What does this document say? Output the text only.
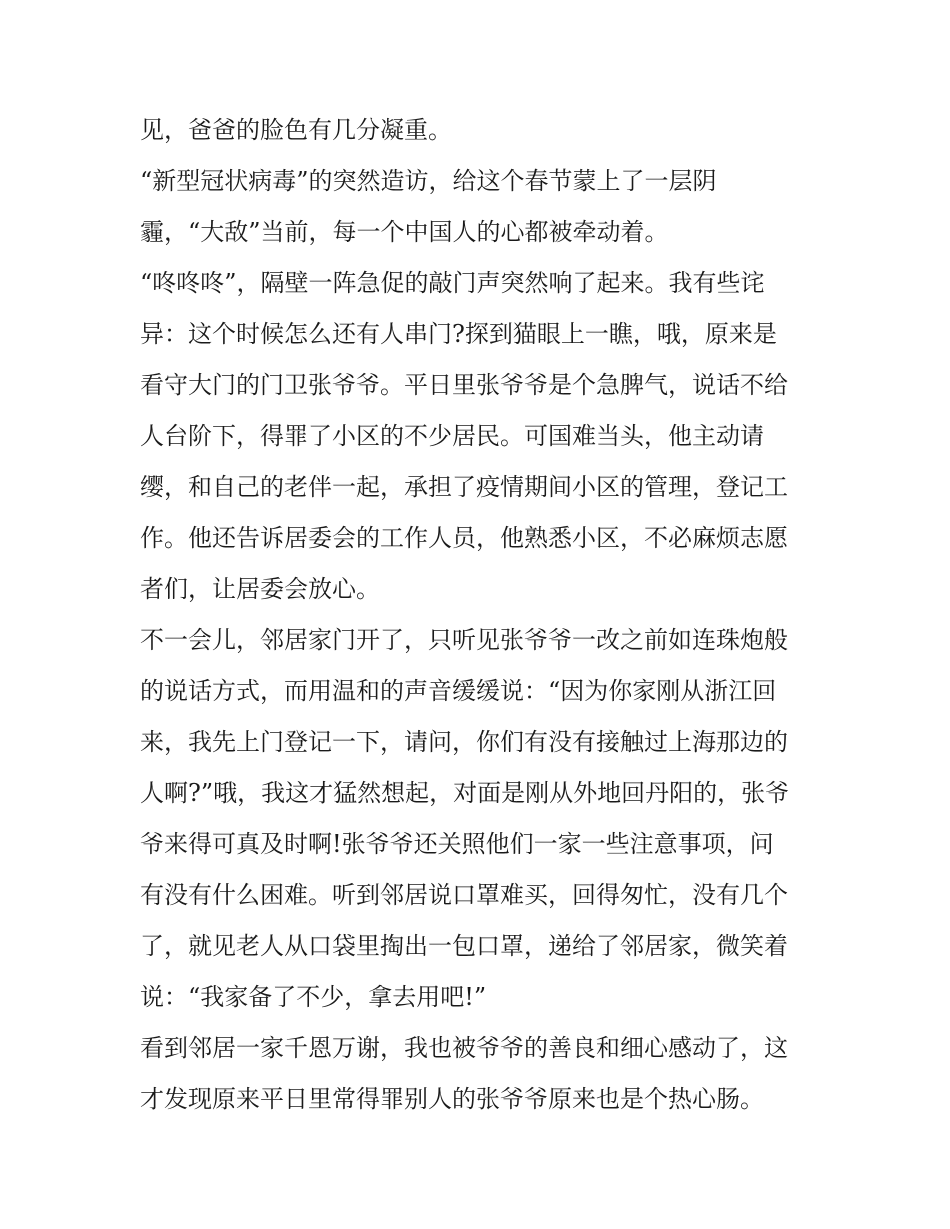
见，爸爸的脸色有几分凝重。
“新型冠状病毒”的突然造访，给这个春节蒙上了一层阴
霾，“大敌”当前，每一个中国人的心都被牵动着。
“咚咚咚”，隔壁一阵急促的敲门声突然响了起来。我有些诧
异：这个时候怎么还有人串门?探到猫眼上一瞧，哦，原来是
看守大门的门卫张爷爷。平日里张爷爷是个急脾气，说话不给
人台阶下，得罪了小区的不少居民。可国难当头，他主动请
缨，和自己的老伴一起，承担了疫情期间小区的管理，登记工
作。他还告诉居委会的工作人员，他熟悉小区，不必麻烦志愿
者们，让居委会放心。
不一会儿，邻居家门开了，只听见张爷爷一改之前如连珠炮般
的说话方式，而用温和的声音缓缓说：“因为你家刚从浙江回
来，我先上门登记一下，请问，你们有没有接触过上海那边的
人啊?”哦，我这才猛然想起，对面是刚从外地回丹阳的，张爷
爷来得可真及时啊!张爷爷还关照他们一家一些注意事项，问
有没有什么困难。听到邻居说口罩难买，回得匆忙，没有几个
了，就见老人从口袋里掏出一包口罩，递给了邻居家，微笑着
说：“我家备了不少，拿去用吧!”
看到邻居一家千恩万谢，我也被爷爷的善良和细心感动了，这
才发现原来平日里常得罪别人的张爷爷原来也是个热心肠。
